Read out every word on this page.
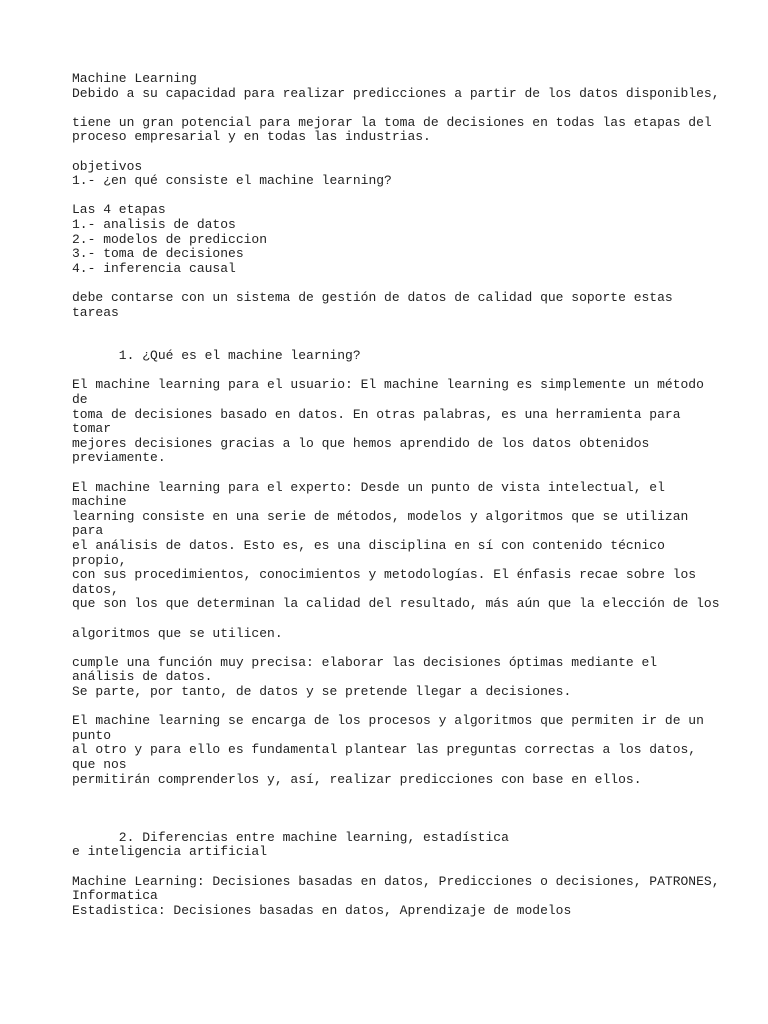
Machine Learning
Debido a su capacidad para realizar predicciones a partir de los datos disponibles,
tiene un gran potencial para mejorar la toma de decisiones en todas las etapas del
proceso empresarial y en todas las industrias.
objetivos
1.- ¿en qué consiste el machine learning?
Las 4 etapas
1.- analisis de datos
2.- modelos de prediccion
3.- toma de decisiones
4.- inferencia causal
debe contarse con un sistema de gestión de datos de calidad que soporte estas
tareas
1. ¿Qué es el machine learning?
El machine learning para el usuario: El machine learning es simplemente un método
de
toma de decisiones basado en datos. En otras palabras, es una herramienta para
tomar
mejores decisiones gracias a lo que hemos aprendido de los datos obtenidos
previamente.
El machine learning para el experto: Desde un punto de vista intelectual, el
machine
learning consiste en una serie de métodos, modelos y algoritmos que se utilizan
para
el análisis de datos. Esto es, es una disciplina en sí con contenido técnico
propio,
con sus procedimientos, conocimientos y metodologías. El énfasis recae sobre los
datos,
que son los que determinan la calidad del resultado, más aún que la elección de los
algoritmos que se utilicen.
cumple una función muy precisa: elaborar las decisiones óptimas mediante el
análisis de datos.
Se parte, por tanto, de datos y se pretende llegar a decisiones.
El machine learning se encarga de los procesos y algoritmos que permiten ir de un
punto
al otro y para ello es fundamental plantear las preguntas correctas a los datos,
que nos
permitirán comprenderlos y, así, realizar predicciones con base en ellos.
2. Diferencias entre machine learning, estadística
e inteligencia artificial
Machine Learning: Decisiones basadas en datos, Predicciones o decisiones, PATRONES,
Informatica
Estadistica: Decisiones basadas en datos, Aprendizaje de modelos
